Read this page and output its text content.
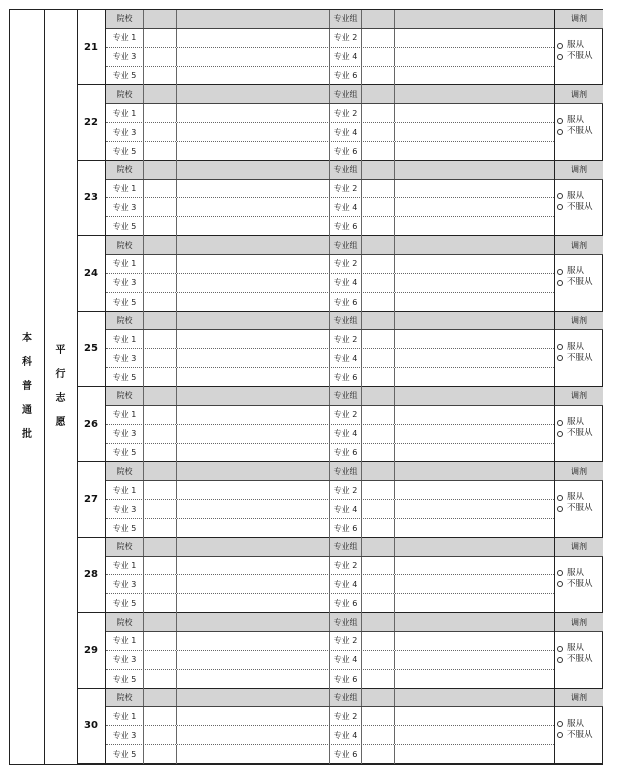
本
科
普
通
批
平
行
志
愿
21
院校	专业组
专业 1	专业 2
专业 3	专业 4
专业 5	专业 6
调剂
服从
不服从
22
院校	专业组
专业 1	专业 2
专业 3	专业 4
专业 5	专业 6
调剂
服从
不服从
23
院校	专业组
专业 1	专业 2
专业 3	专业 4
专业 5	专业 6
调剂
服从
不服从
24
院校	专业组
专业 1	专业 2
专业 3	专业 4
专业 5	专业 6
调剂
服从
不服从
25
院校	专业组
专业 1	专业 2
专业 3	专业 4
专业 5	专业 6
调剂
服从
不服从
26
院校	专业组
专业 1	专业 2
专业 3	专业 4
专业 5	专业 6
调剂
服从
不服从
27
院校	专业组
专业 1	专业 2
专业 3	专业 4
专业 5	专业 6
调剂
服从
不服从
28
院校	专业组
专业 1	专业 2
专业 3	专业 4
专业 5	专业 6
调剂
服从
不服从
29
院校	专业组
专业 1	专业 2
专业 3	专业 4
专业 5	专业 6
调剂
服从
不服从
30
院校	专业组
专业 1	专业 2
专业 3	专业 4
专业 5	专业 6
调剂
服从
不服从
